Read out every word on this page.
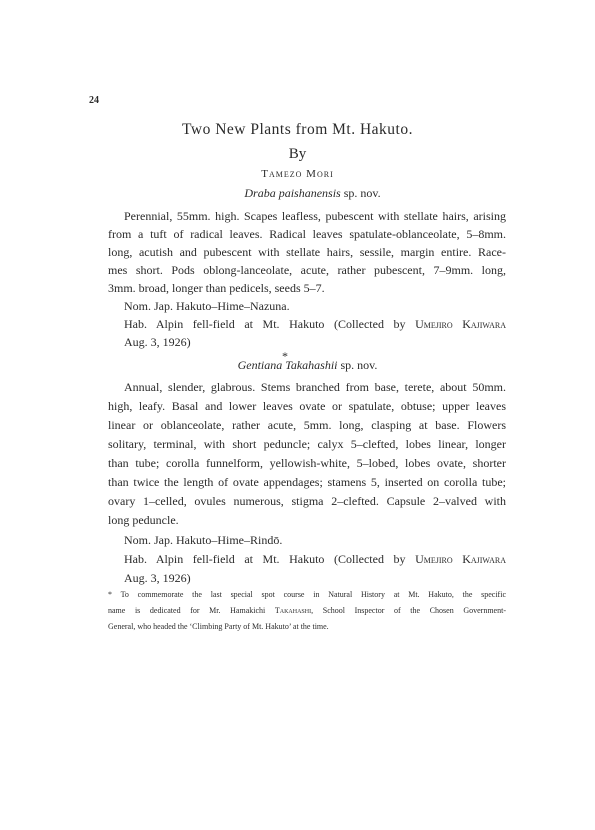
24
Two New Plants from Mt. Hakuto.
By
Tamezo Mori
Draba paishanensis sp. nov.
Perennial, 55mm. high. Scapes leafless, pubescent with stellate hairs, arising
from a tuft of radical leaves. Radical leaves spatulate-oblanceolate, 5–8mm.
long, acutish and pubescent with stellate hairs, sessile, margin entire. Race-
mes short. Pods oblong-lanceolate, acute, rather pubescent, 7–9mm. long,
3mm. broad, longer than pedicels, seeds 5–7.
Nom. Jap. Hakuto–Hime–Nazuna.
Hab. Alpin fell-field at Mt. Hakuto (Collected by Umejiro Kajiwara
Aug. 3, 1926)
*
Gentiana Takahashii sp. nov.
Annual, slender, glabrous. Stems branched from base, terete, about 50mm.
high, leafy. Basal and lower leaves ovate or spatulate, obtuse; upper leaves
linear or oblanceolate, rather acute, 5mm. long, clasping at base. Flowers
solitary, terminal, with short peduncle; calyx 5–clefted, lobes linear, longer
than tube; corolla funnelform, yellowish-white, 5–lobed, lobes ovate, shorter
than twice the length of ovate appendages; stamens 5, inserted on corolla tube;
ovary 1–celled, ovules numerous, stigma 2–clefted. Capsule 2–valved with
long peduncle.
Nom. Jap. Hakuto–Hime–Rindō.
Hab. Alpin fell-field at Mt. Hakuto (Collected by Umejiro Kajiwara
Aug. 3, 1926)
* To commemorate the last special spot course in Natural History at Mt. Hakuto, the specific
name is dedicated for Mr. Hamakichi Takahashi, School Inspector of the Chosen Government-
General, who headed the ‘Climbing Party of Mt. Hakuto’ at the time.
